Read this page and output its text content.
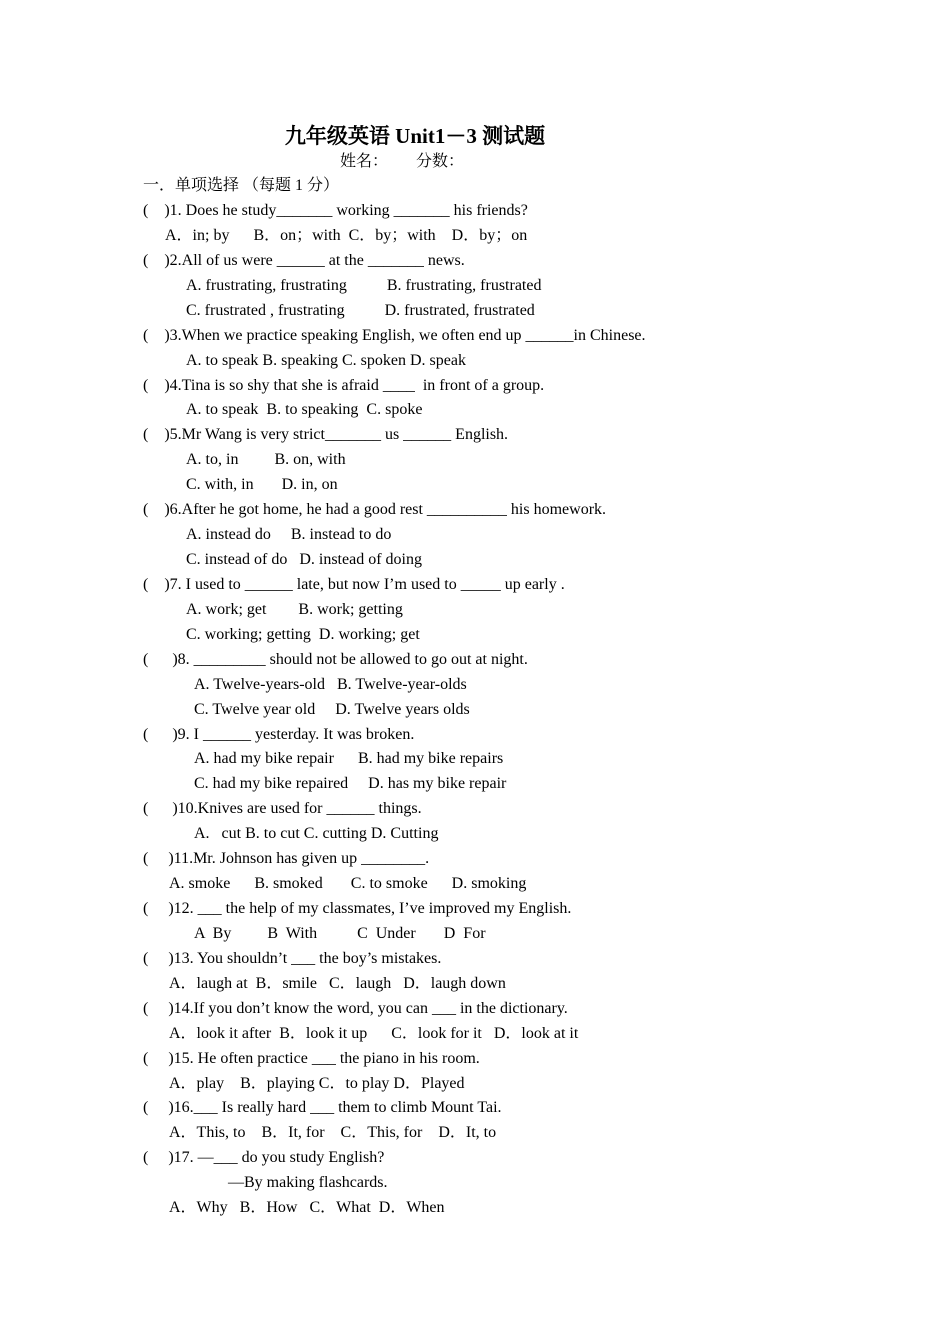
九年级英语 Unit1－3 测试题
姓名：       分数：
一．单项选择 （每题 1 分）
(    )1. Does he study_______ working _______ his friends?
A．in; by      B．on；with  C．by；with    D．by；on
(    )2.All of us were ______ at the _______ news.
A. frustrating, frustrating          B. frustrating, frustrated
C. frustrated , frustrating          D. frustrated, frustrated
(    )3.When we practice speaking English, we often end up ______in Chinese.
A. to speak B. speaking C. spoken D. speak
(    )4.Tina is so shy that she is afraid ____  in front of a group.
A. to speak  B. to speaking  C. spoke
(    )5.Mr Wang is very strict_______ us ______ English.
A. to, in         B. on, with
C. with, in       D. in, on
(    )6.After he got home, he had a good rest __________ his homework.
A. instead do     B. instead to do
C. instead of do   D. instead of doing
(    )7. I used to ______ late, but now I’m used to _____ up early .
A. work; get        B. work; getting
C. working; getting  D. working; get
(      )8. _________ should not be allowed to go out at night.
A. Twelve-years-old   B. Twelve-year-olds
C. Twelve year old     D. Twelve years olds
(      )9. I ______ yesterday. It was broken.
A. had my bike repair      B. had my bike repairs
C. had my bike repaired     D. has my bike repair
(      )10.Knives are used for ______ things.
A.   cut B. to cut C. cutting D. Cutting
(     )11.Mr. Johnson has given up ________.
A. smoke      B. smoked       C. to smoke      D. smoking
(     )12. ___ the help of my classmates, I’ve improved my English.
A  By         B  With          C  Under       D  For
(     )13. You shouldn’t ___ the boy’s mistakes.
A．laugh at  B．smile   C．laugh   D．laugh down
(     )14.If you don’t know the word, you can ___ in the dictionary.
A．look it after  B．look it up      C．look for it   D．look at it
(     )15. He often practice ___ the piano in his room.
A．play    B．playing C．to play D．Played
(     )16.___ Is really hard ___ them to climb Mount Tai.
A．This, to    B．It, for    C．This, for    D．It, to
(     )17. —___ do you study English?
—By making flashcards.
A．Why   B．How   C．What  D．When
